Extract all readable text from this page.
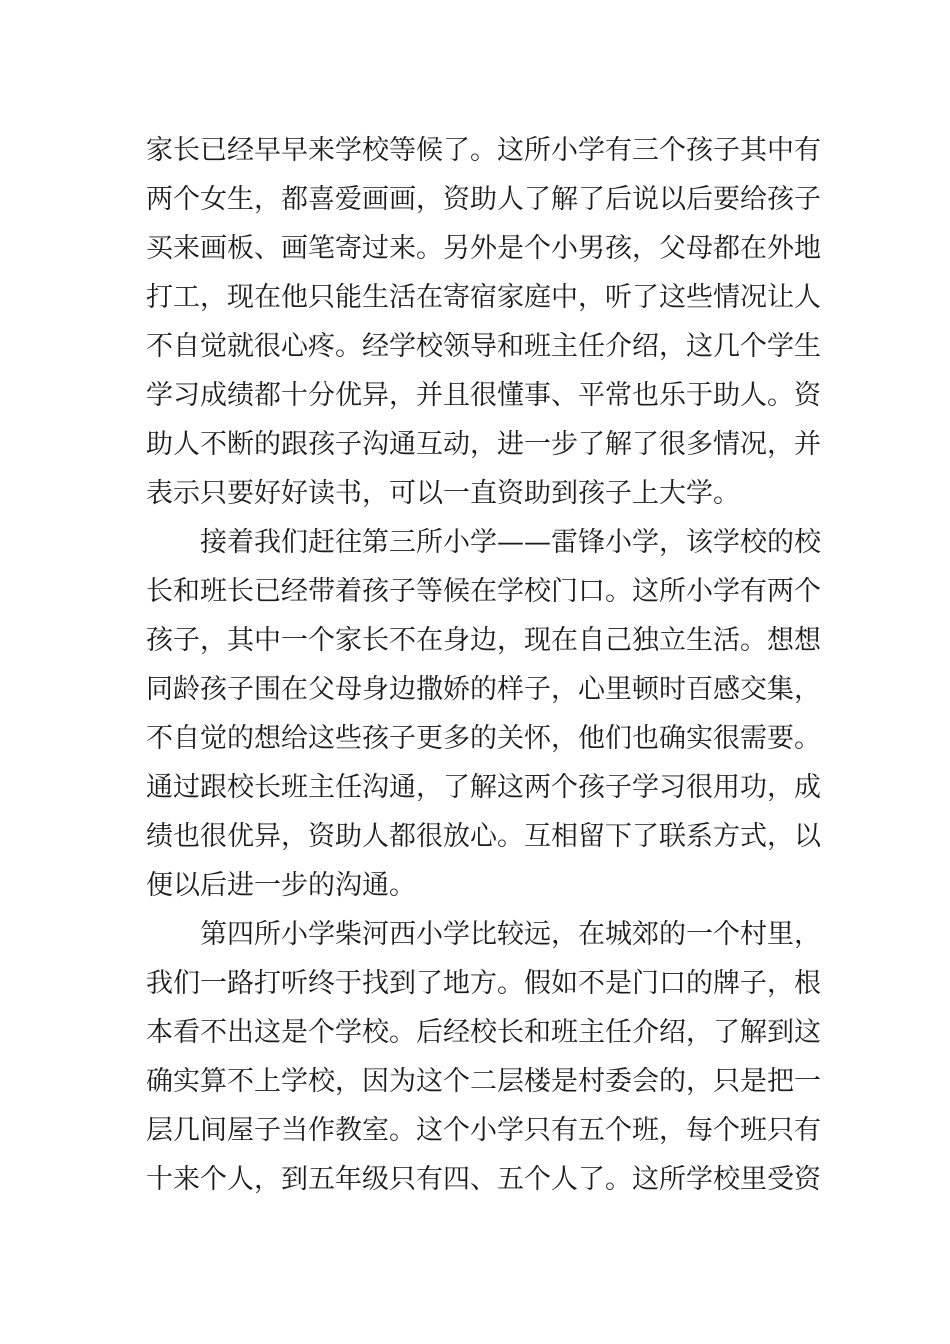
家长已经早早来学校等候了。这所小学有三个孩子其中有
两个女生，都喜爱画画，资助人了解了后说以后要给孩子
买来画板、画笔寄过来。另外是个小男孩，父母都在外地
打工，现在他只能生活在寄宿家庭中，听了这些情况让人
不自觉就很心疼。经学校领导和班主任介绍，这几个学生
学习成绩都十分优异，并且很懂事、平常也乐于助人。资
助人不断的跟孩子沟通互动，进一步了解了很多情况，并
表示只要好好读书，可以一直资助到孩子上大学。
接着我们赶往第三所小学——雷锋小学，该学校的校
长和班长已经带着孩子等候在学校门口。这所小学有两个
孩子，其中一个家长不在身边，现在自己独立生活。想想
同龄孩子围在父母身边撒娇的样子，心里顿时百感交集，
不自觉的想给这些孩子更多的关怀，他们也确实很需要。
通过跟校长班主任沟通，了解这两个孩子学习很用功，成
绩也很优异，资助人都很放心。互相留下了联系方式，以
便以后进一步的沟通。
第四所小学柴河西小学比较远，在城郊的一个村里，
我们一路打听终于找到了地方。假如不是门口的牌子，根
本看不出这是个学校。后经校长和班主任介绍，了解到这
确实算不上学校，因为这个二层楼是村委会的，只是把一
层几间屋子当作教室。这个小学只有五个班，每个班只有
十来个人，到五年级只有四、五个人了。这所学校里受资
